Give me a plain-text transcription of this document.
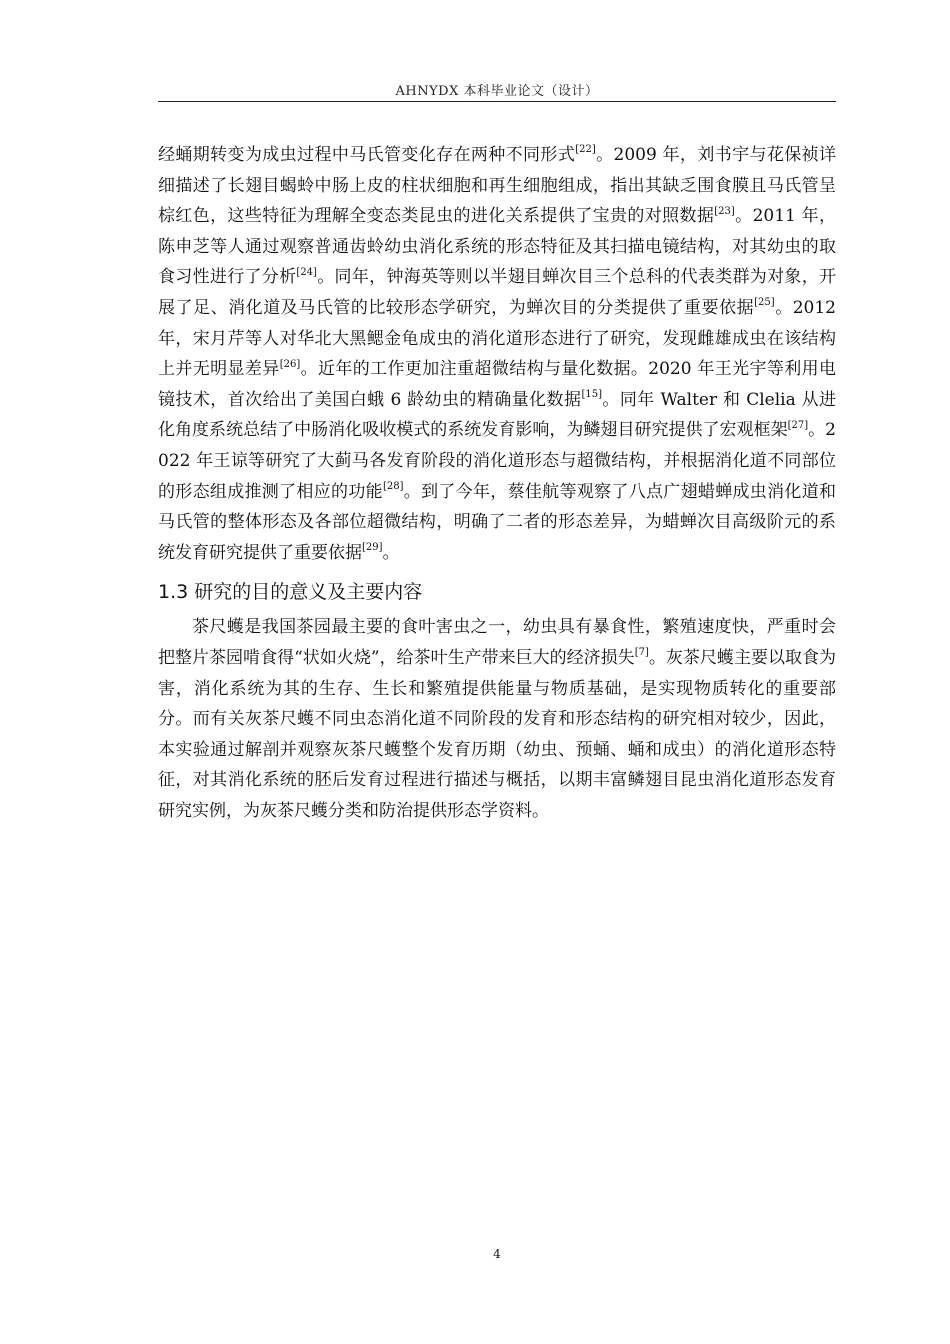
AHNYDX 本科毕业论文（设计）

经蛹期转变为成虫过程中马氏管变化存在两种不同形式[22]。2009 年，刘书宇与花保祯详细描述了长翅目蝎蛉中肠上皮的柱状细胞和再生细胞组成，指出其缺乏围食膜且马氏管呈棕红色，这些特征为理解全变态类昆虫的进化关系提供了宝贵的对照数据[23]。2011 年，陈申芝等人通过观察普通齿蛉幼虫消化系统的形态特征及其扫描电镜结构，对其幼虫的取食习性进行了分析[24]。同年，钟海英等则以半翅目蝉次目三个总科的代表类群为对象，开展了足、消化道及马氏管的比较形态学研究，为蝉次目的分类提供了重要依据[25]。2012 年，宋月芹等人对华北大黑鳃金龟成虫的消化道形态进行了研究，发现雌雄成虫在该结构上并无明显差异[26]。近年的工作更加注重超微结构与量化数据。2020 年王光宇等利用电镜技术，首次给出了美国白蛾 6 龄幼虫的精确量化数据[15]。同年 Walter 和 Clelia 从进化角度系统总结了中肠消化吸收模式的系统发育影响，为鳞翅目研究提供了宏观框架[27]。2022 年王谅等研究了大蓟马各发育阶段的消化道形态与超微结构，并根据消化道不同部位的形态组成推测了相应的功能[28]。到了今年，蔡佳航等观察了八点广翅蜡蝉成虫消化道和马氏管的整体形态及各部位超微结构，明确了二者的形态差异，为蜡蝉次目高级阶元的系统发育研究提供了重要依据[29]。

1.3 研究的目的意义及主要内容

茶尺蠖是我国茶园最主要的食叶害虫之一，幼虫具有暴食性，繁殖速度快，严重时会把整片茶园啃食得“状如火烧”，给茶叶生产带来巨大的经济损失[7]。灰茶尺蠖主要以取食为害，消化系统为其的生存、生长和繁殖提供能量与物质基础，是实现物质转化的重要部分。而有关灰茶尺蠖不同虫态消化道不同阶段的发育和形态结构的研究相对较少，因此，本实验通过解剖并观察灰茶尺蠖整个发育历期（幼虫、预蛹、蛹和成虫）的消化道形态特征，对其消化系统的胚后发育过程进行描述与概括，以期丰富鳞翅目昆虫消化道形态发育研究实例，为灰茶尺蠖分类和防治提供形态学资料。

4
